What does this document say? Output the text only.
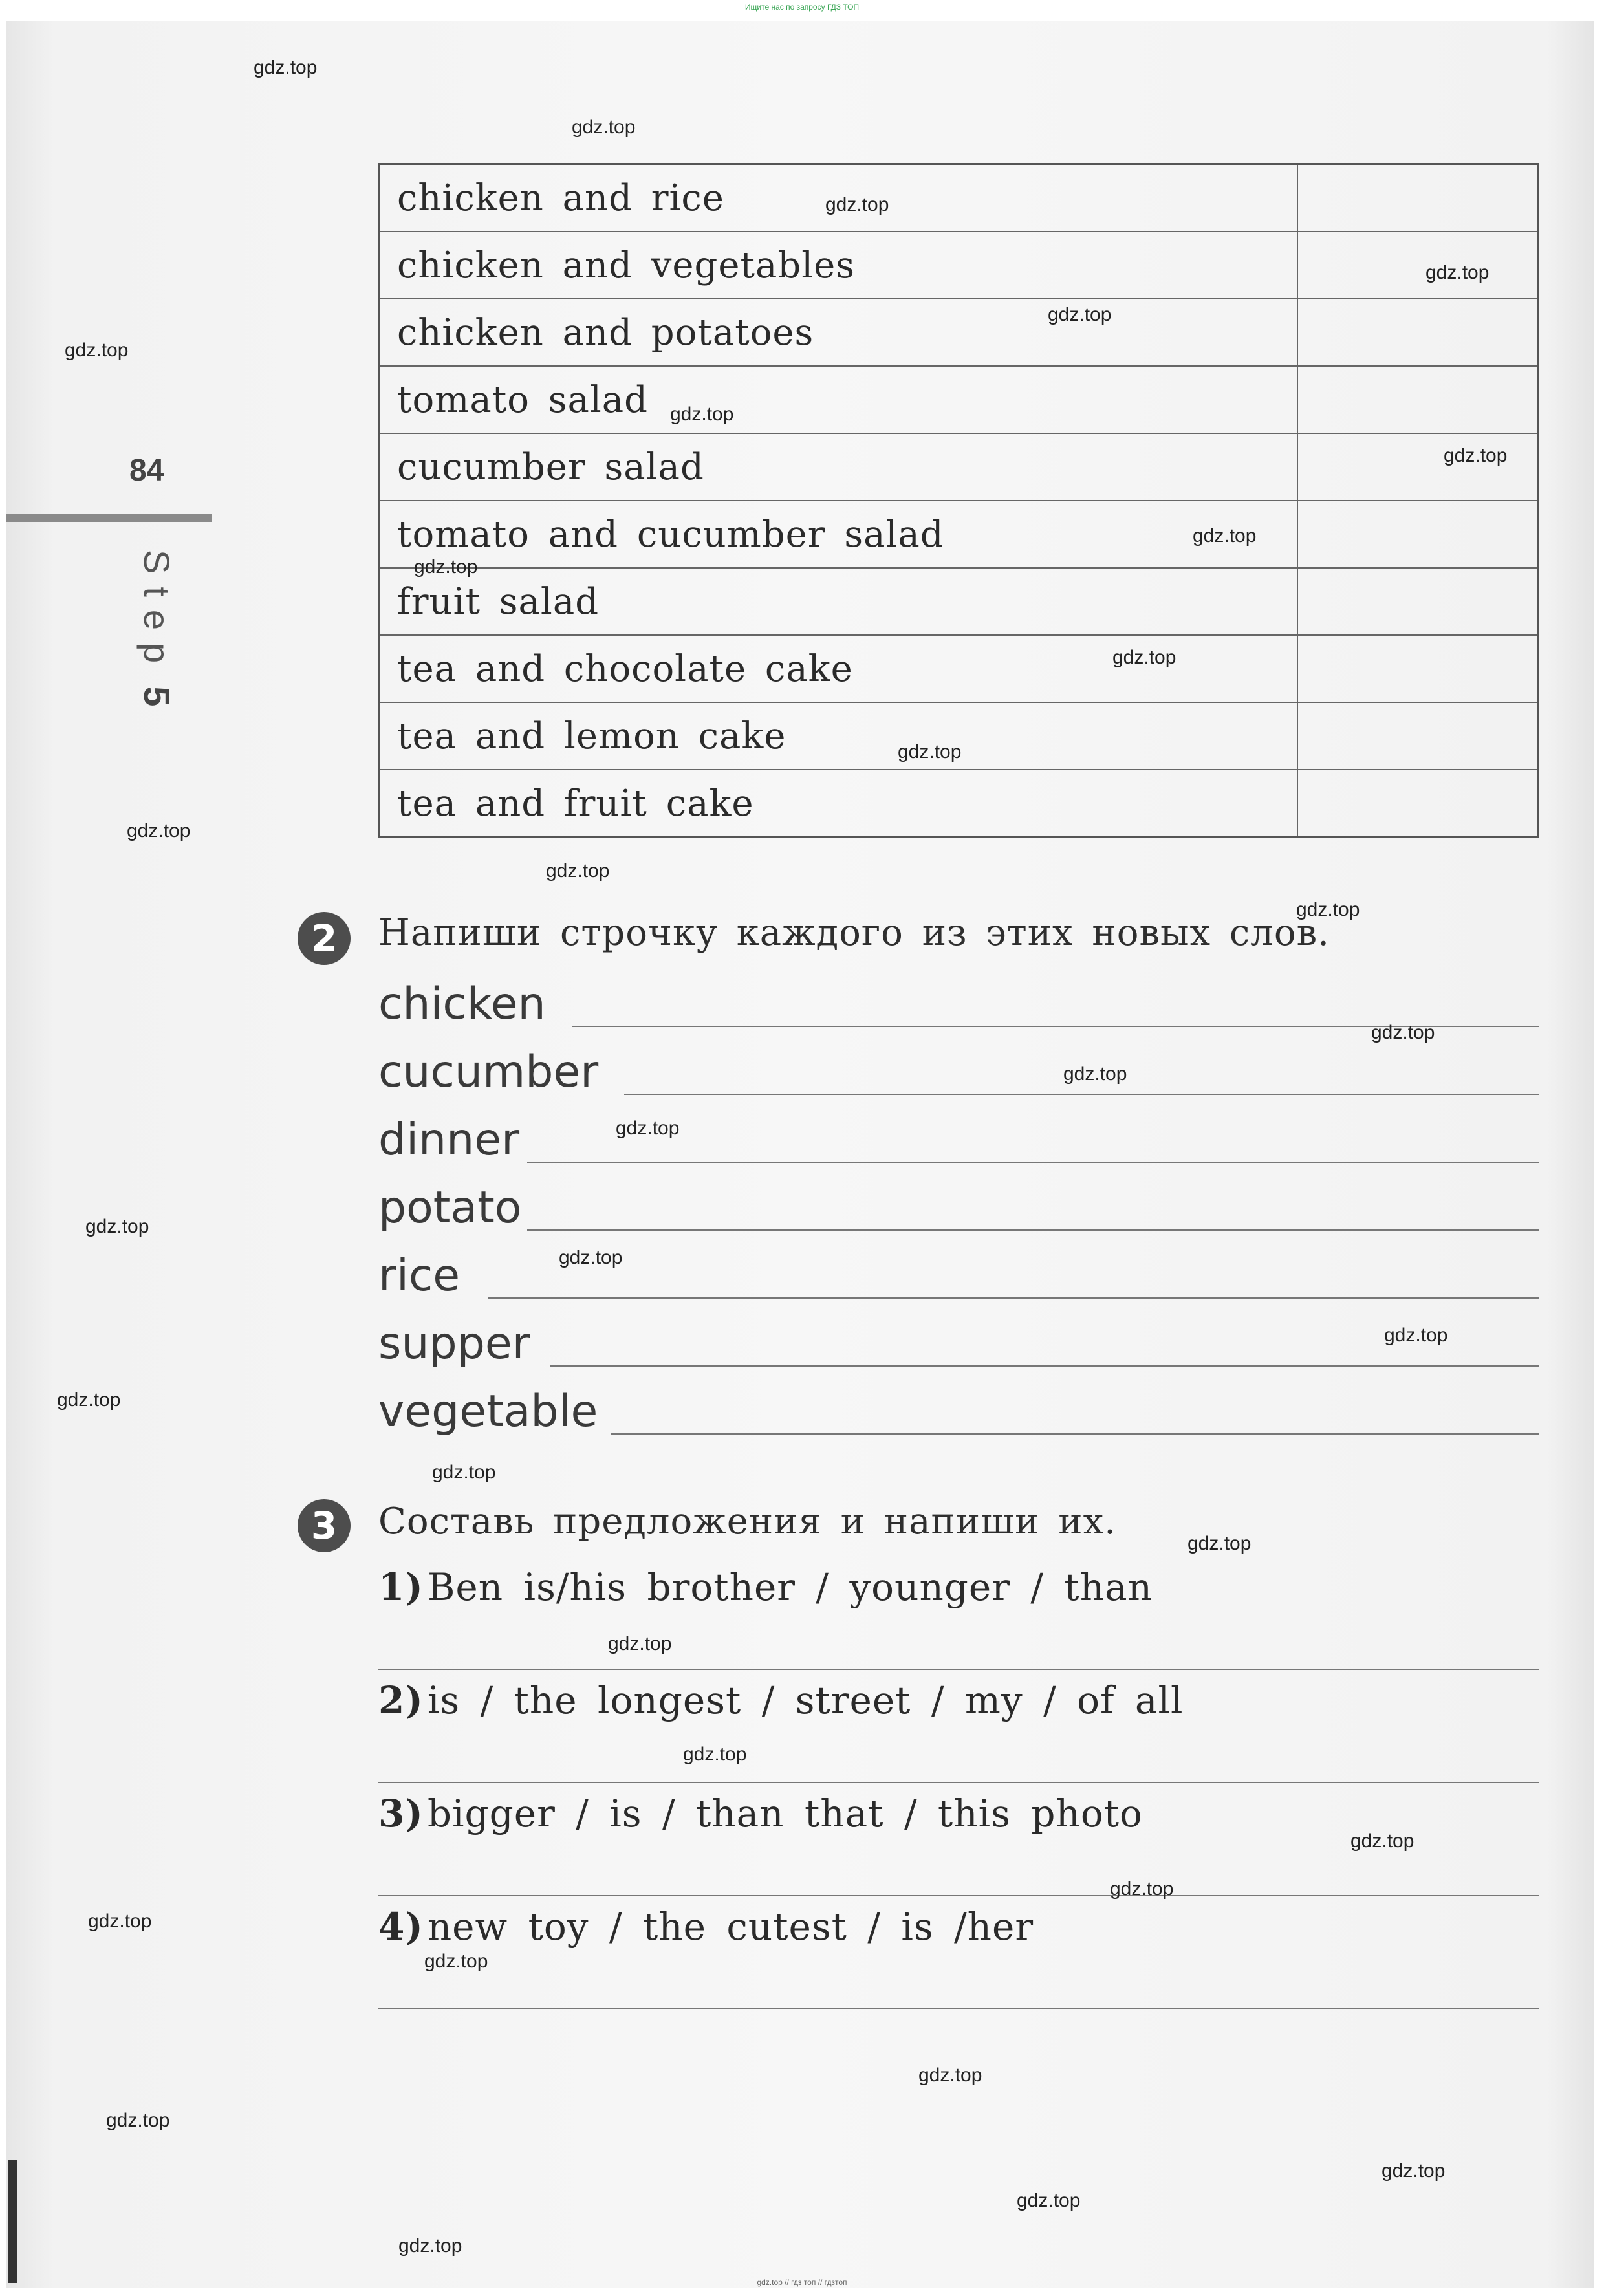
Ищите нас по запросу ГДЗ ТОП
84
Step5
chicken and rice	
chicken and vegetables	
chicken and potatoes	
tomato salad	
cucumber salad	
tomato and cucumber salad	
fruit salad	
tea and chocolate cake	
tea and lemon cake	
tea and fruit cake	
2	Напиши строчку каждого из этих новых слов.
chicken
cucumber
dinner
potato
rice
supper
vegetable
3	Составь предложения и напиши их.
1) Ben is/his brother / younger / than
2) is / the longest / street / my / of all
3) bigger / is / than that / this photo
4) new toy / the cutest / is /her
gdz.top
gdz.top
gdz.top
gdz.top
gdz.top
gdz.top
gdz.top
gdz.top
gdz.top
gdz.top
gdz.top
gdz.top
gdz.top
gdz.top
gdz.top
gdz.top
gdz.top
gdz.top
gdz.top
gdz.top
gdz.top
gdz.top
gdz.top
gdz.top
gdz.top
gdz.top
gdz.top
gdz.top
gdz.top
gdz.top
gdz.top
gdz.top
gdz.top
gdz.top
gdz.top
gdz.top // гдз топ // гдзтоп
